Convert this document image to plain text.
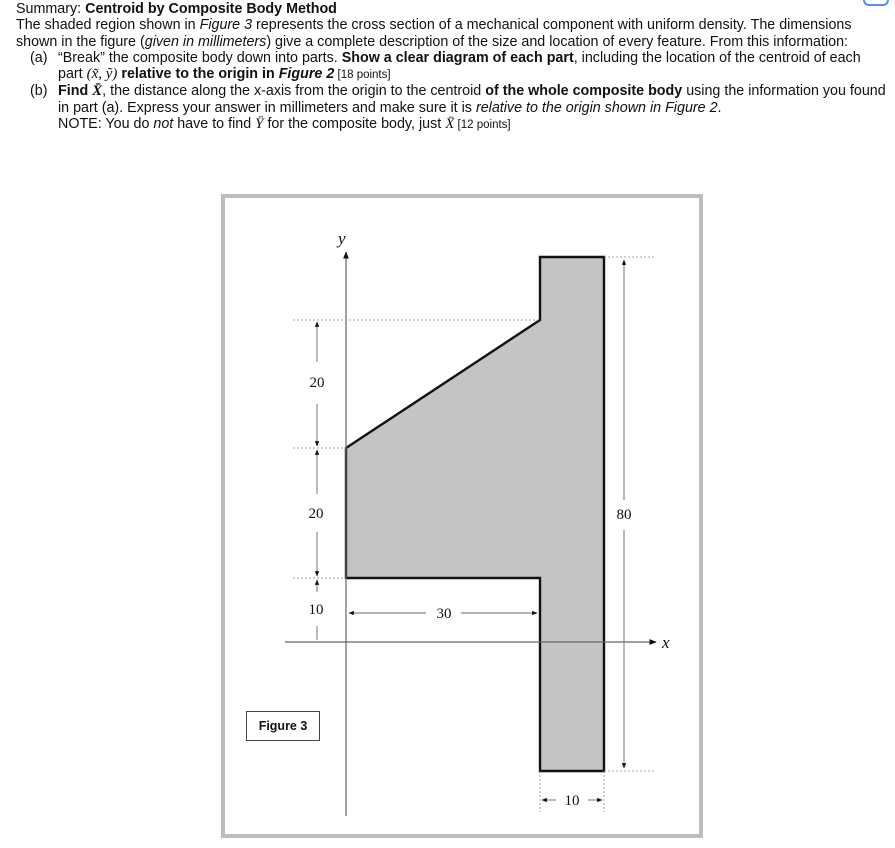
Summary: Centroid by Composite Body Method

The shaded region shown in Figure 3 represents the cross section of a mechanical component with uniform density. The dimensions shown in the figure (given in millimeters) give a complete description of the size and location of every feature. From this information:

(a) “Break” the composite body down into parts. Show a clear diagram of each part, including the location of the centroid of each part (x̃, ỹ) relative to the origin in Figure 2 [18 points]

(b) Find X̄, the distance along the x-axis from the origin to the centroid of the whole composite body using the information you found in part (a). Express your answer in millimeters and make sure it is relative to the origin shown in Figure 2.
NOTE: You do not have to find Ȳ for the composite body, just X̄ [12 points]

y
x
20
20
10	30
80
10
Figure 3
